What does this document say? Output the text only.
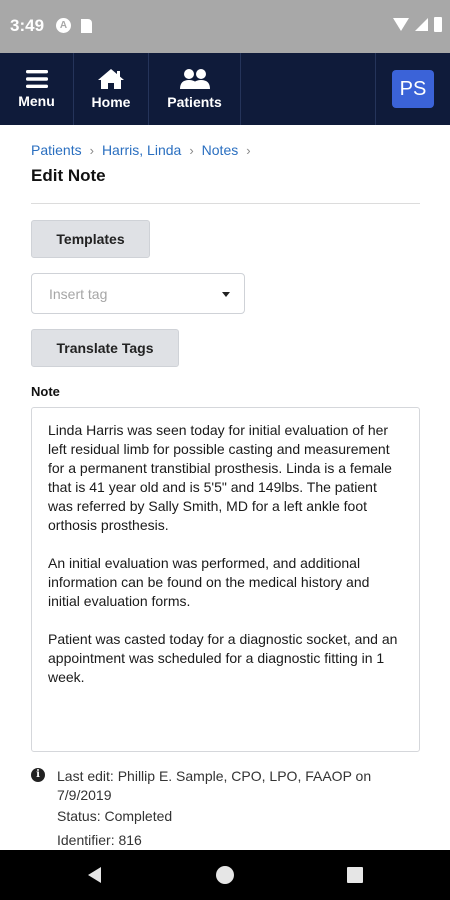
3:49	A
Menu	Home	Patients
PS
Patients › Harris, Linda › Notes ›
Edit Note
Templates
Insert tag
Translate Tags
Note
Linda Harris was seen today for initial evaluation of her left residual limb for possible casting and measurement for a permanent transtibial prosthesis. Linda is a female that is 41 year old and is 5'5" and 149lbs. The patient was referred by Sally Smith, MD for a left ankle foot orthosis prosthesis.

An initial evaluation was performed, and additional information can be found on the medical history and initial evaluation forms.

Patient was casted today for a diagnostic socket, and an appointment was scheduled for a diagnostic fitting in 1 week.
i	Last edit: Phillip E. Sample, CPO, LPO, FAAOP on 7/9/2019
Status: Completed
Identifier: 816
